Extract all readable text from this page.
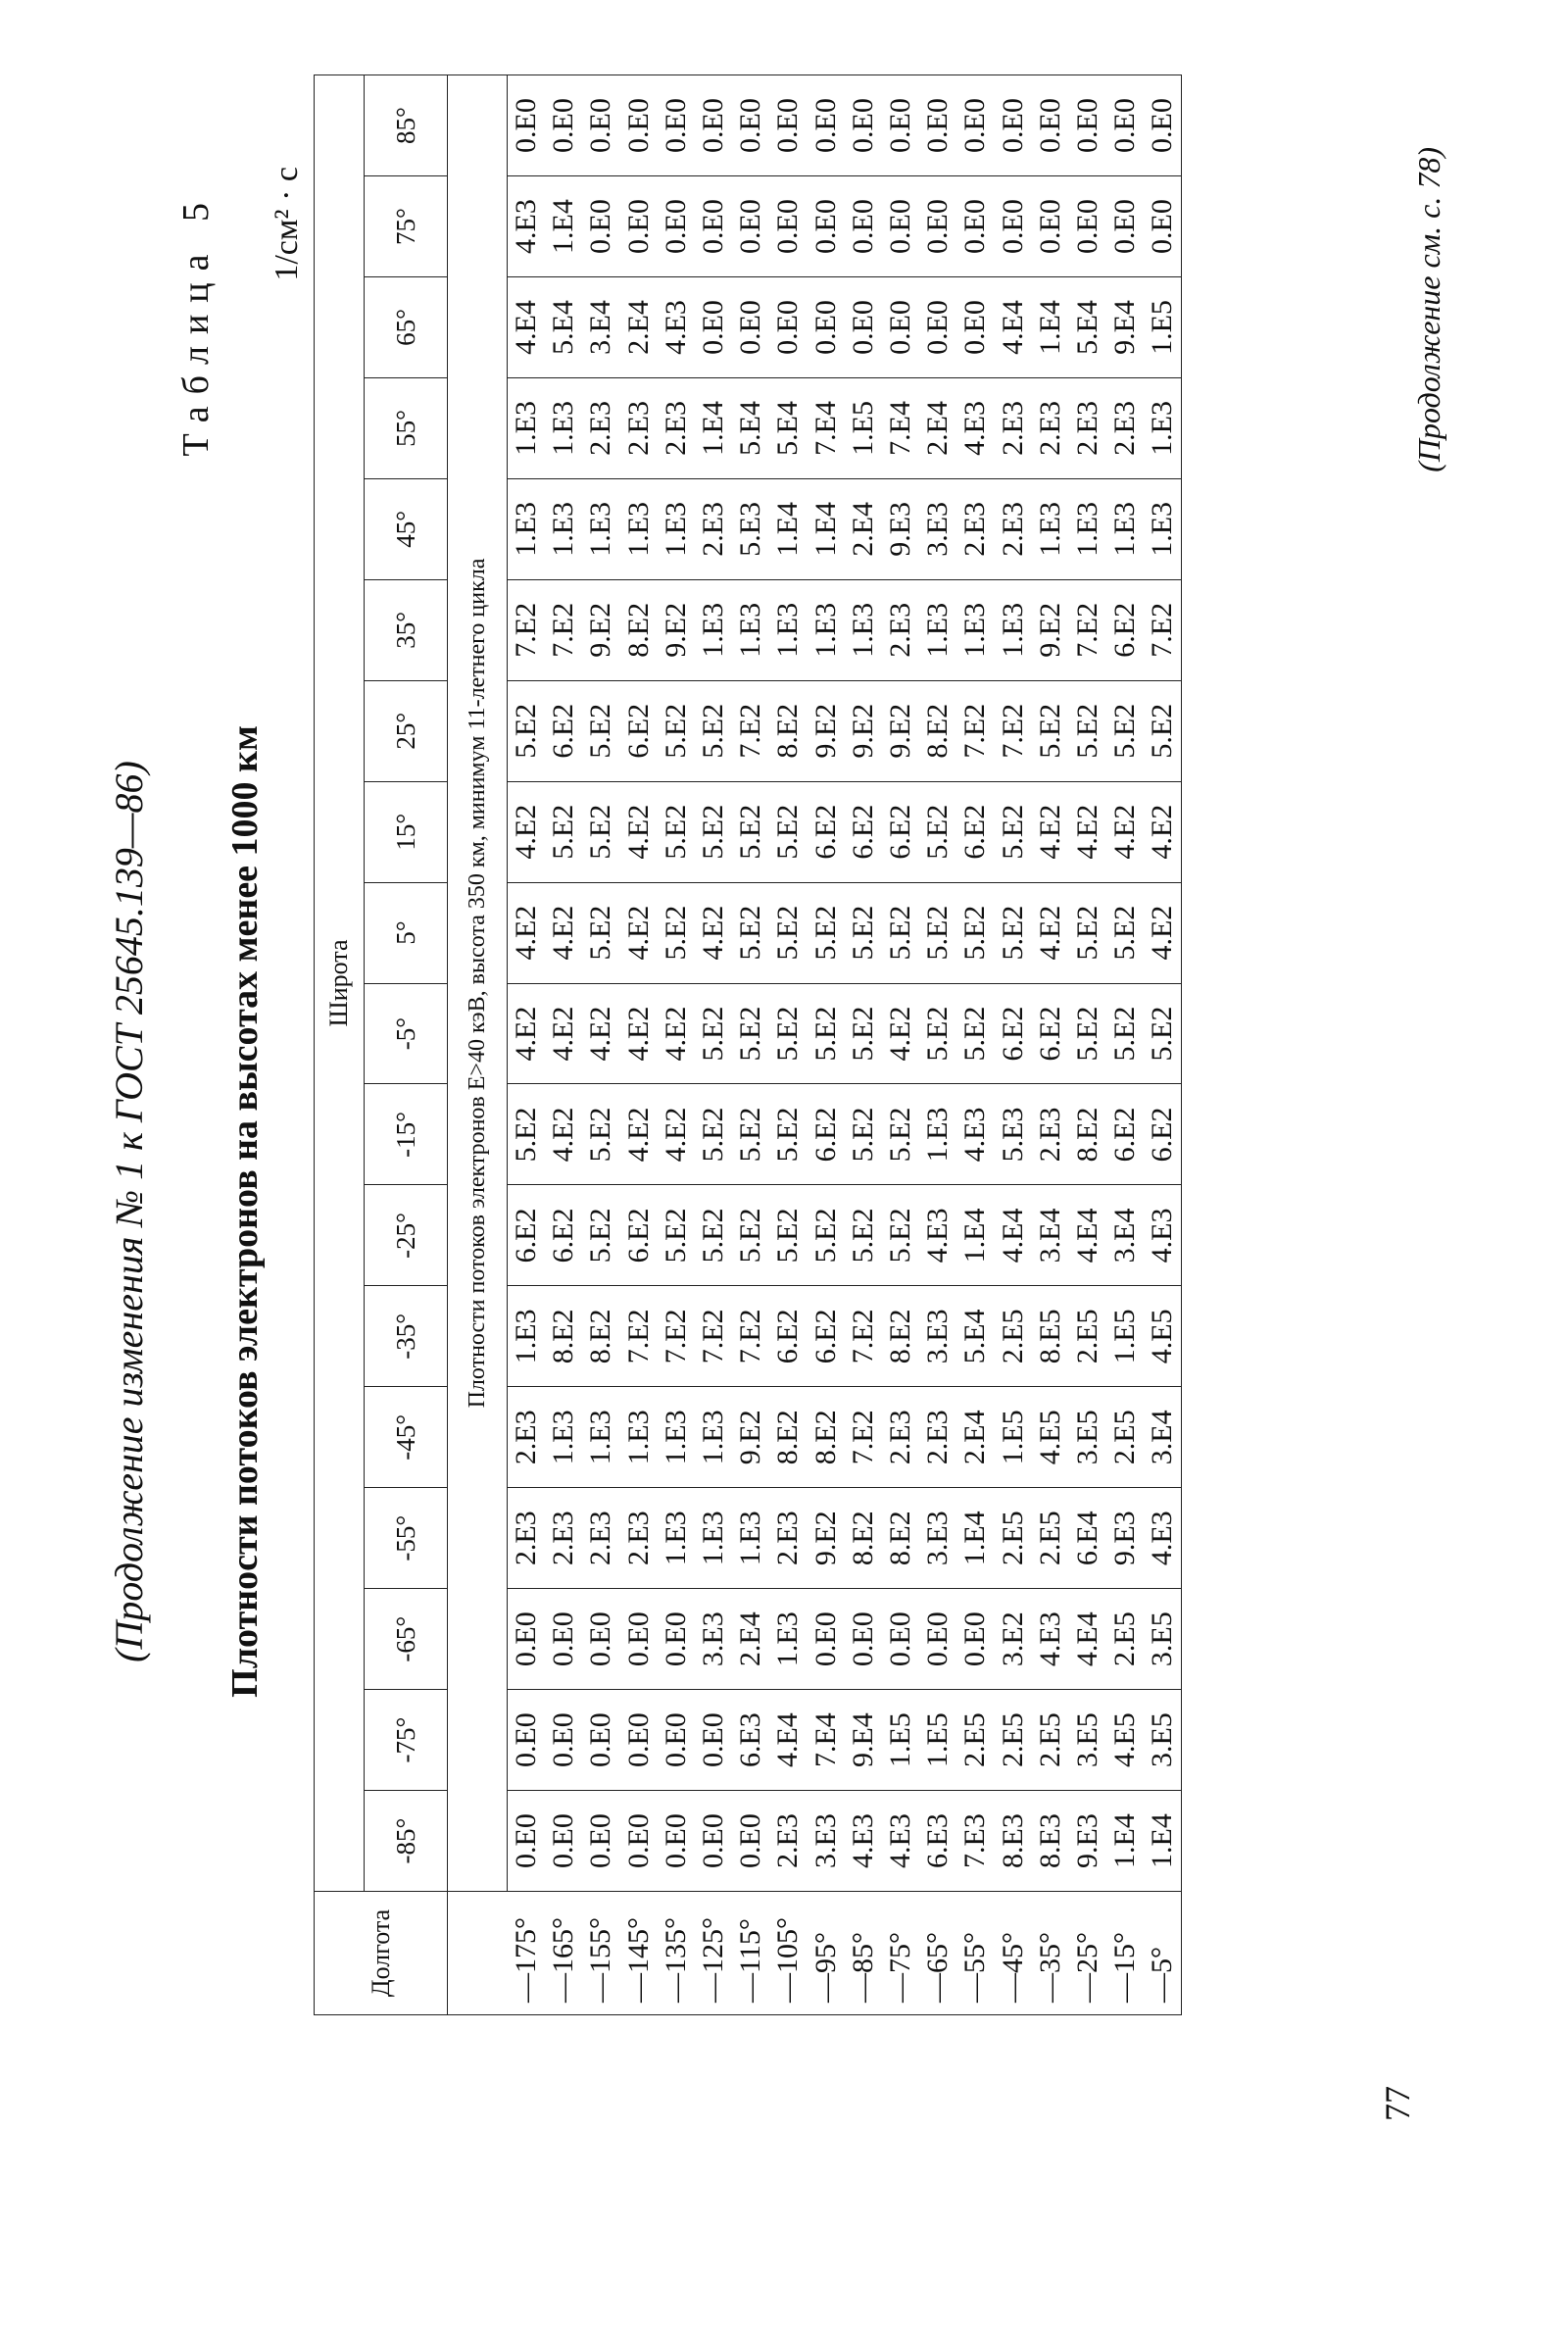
(Продолжение изменения № 1 к ГОСТ 25645.139—86)
Таблица 5
Плотности потоков электронов на высотах менее 1000 км
1/см² · с
Долгота	Широта																	
	-85°	-75°	-65°	-55°	-45°	-35°	-25°	-15°	-5°	5°	15°	25°	35°	45°	55°	65°	75°	85°
	Плотности потоков электронов E>40 кэВ, высота 350 км, минимум 11-летнего цикла																	
—175°	0.E0	0.E0	0.E0	2.E3	2.E3	1.E3	6.E2	5.E2	4.E2	4.E2	4.E2	5.E2	7.E2	1.E3	1.E3	4.E4	4.E3	0.E0
—165°	0.E0	0.E0	0.E0	2.E3	1.E3	8.E2	6.E2	4.E2	4.E2	4.E2	5.E2	6.E2	7.E2	1.E3	1.E3	5.E4	1.E4	0.E0
—155°	0.E0	0.E0	0.E0	2.E3	1.E3	8.E2	5.E2	5.E2	4.E2	5.E2	5.E2	5.E2	9.E2	1.E3	2.E3	3.E4	0.E0	0.E0
—145°	0.E0	0.E0	0.E0	2.E3	1.E3	7.E2	6.E2	4.E2	4.E2	4.E2	4.E2	6.E2	8.E2	1.E3	2.E3	2.E4	0.E0	0.E0
—135°	0.E0	0.E0	0.E0	1.E3	1.E3	7.E2	5.E2	4.E2	4.E2	5.E2	5.E2	5.E2	9.E2	1.E3	2.E3	4.E3	0.E0	0.E0
—125°	0.E0	0.E0	3.E3	1.E3	1.E3	7.E2	5.E2	5.E2	5.E2	4.E2	5.E2	5.E2	1.E3	2.E3	1.E4	0.E0	0.E0	0.E0
—115°	0.E0	6.E3	2.E4	1.E3	9.E2	7.E2	5.E2	5.E2	5.E2	5.E2	5.E2	7.E2	1.E3	5.E3	5.E4	0.E0	0.E0	0.E0
—105°	2.E3	4.E4	1.E3	2.E3	8.E2	6.E2	5.E2	5.E2	5.E2	5.E2	5.E2	8.E2	1.E3	1.E4	5.E4	0.E0	0.E0	0.E0
—95°	3.E3	7.E4	0.E0	9.E2	8.E2	6.E2	5.E2	6.E2	5.E2	5.E2	6.E2	9.E2	1.E3	1.E4	7.E4	0.E0	0.E0	0.E0
—85°	4.E3	9.E4	0.E0	8.E2	7.E2	7.E2	5.E2	5.E2	5.E2	5.E2	6.E2	9.E2	1.E3	2.E4	1.E5	0.E0	0.E0	0.E0
—75°	4.E3	1.E5	0.E0	8.E2	2.E3	8.E2	5.E2	5.E2	4.E2	5.E2	6.E2	9.E2	2.E3	9.E3	7.E4	0.E0	0.E0	0.E0
—65°	6.E3	1.E5	0.E0	3.E3	2.E3	3.E3	4.E3	1.E3	5.E2	5.E2	5.E2	8.E2	1.E3	3.E3	2.E4	0.E0	0.E0	0.E0
—55°	7.E3	2.E5	0.E0	1.E4	2.E4	5.E4	1.E4	4.E3	5.E2	5.E2	6.E2	7.E2	1.E3	2.E3	4.E3	0.E0	0.E0	0.E0
—45°	8.E3	2.E5	3.E2	2.E5	1.E5	2.E5	4.E4	5.E3	6.E2	5.E2	5.E2	7.E2	1.E3	2.E3	2.E3	4.E4	0.E0	0.E0
—35°	8.E3	2.E5	4.E3	2.E5	4.E5	8.E5	3.E4	2.E3	6.E2	4.E2	4.E2	5.E2	9.E2	1.E3	2.E3	1.E4	0.E0	0.E0
—25°	9.E3	3.E5	4.E4	6.E4	3.E5	2.E5	4.E4	8.E2	5.E2	5.E2	4.E2	5.E2	7.E2	1.E3	2.E3	5.E4	0.E0	0.E0
—15°	1.E4	4.E5	2.E5	9.E3	2.E5	1.E5	3.E4	6.E2	5.E2	5.E2	4.E2	5.E2	6.E2	1.E3	2.E3	9.E4	0.E0	0.E0
—5°	1.E4	3.E5	3.E5	4.E3	3.E4	4.E5	4.E3	6.E2	5.E2	4.E2	4.E2	5.E2	7.E2	1.E3	1.E3	1.E5	0.E0	0.E0
77
(Продолжение см. с. 78)
